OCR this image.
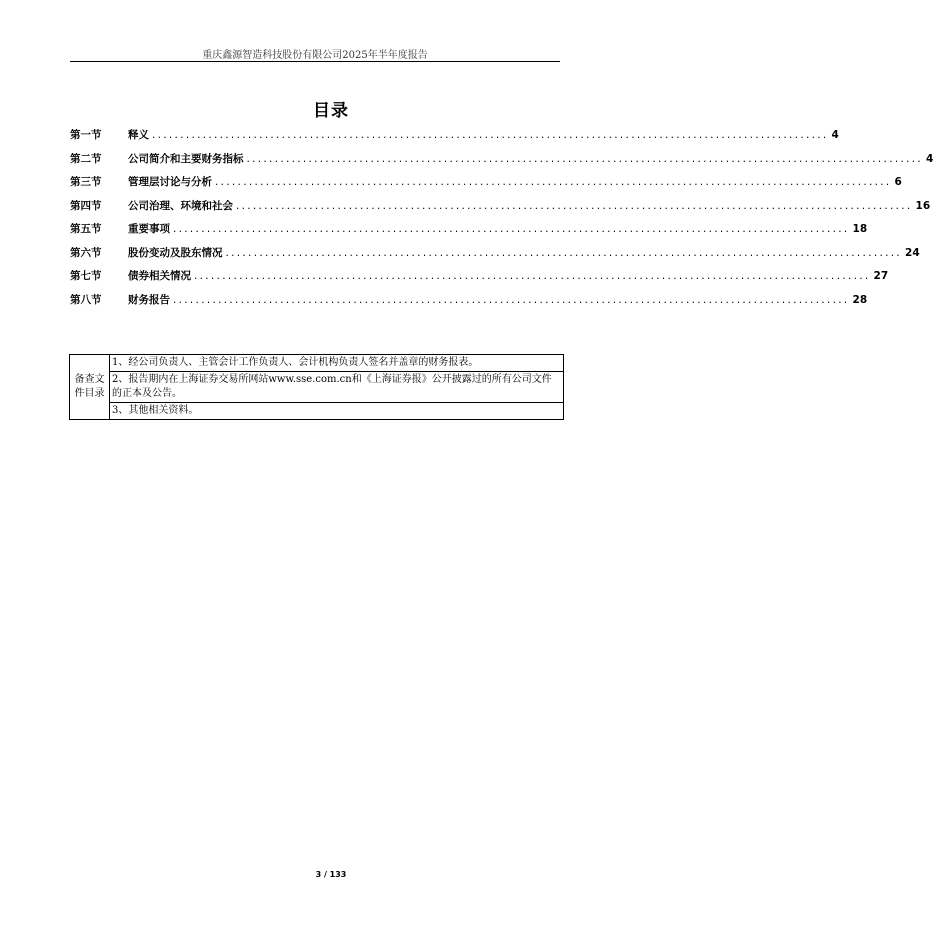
重庆鑫源智造科技股份有限公司2025年半年度报告
目录
第一节	释义 ........................................................................................................................ 4
第二节	公司简介和主要财务指标 ........................................................................................................................ 4
第三节	管理层讨论与分析 ........................................................................................................................ 6
第四节	公司治理、环境和社会 ........................................................................................................................ 16
第五节	重要事项 ........................................................................................................................ 18
第六节	股份变动及股东情况 ........................................................................................................................ 24
第七节	债券相关情况 ........................................................................................................................ 27
第八节	财务报告 ........................................................................................................................ 28
备查文件目录	1、经公司负责人、主管会计工作负责人、会计机构负责人签名并盖章的财务报表。
2、报告期内在上海证券交易所网站www.sse.com.cn和《上海证券报》公开披露过的所有公司文件的正本及公告。
3、其他相关资料。
3 / 133
